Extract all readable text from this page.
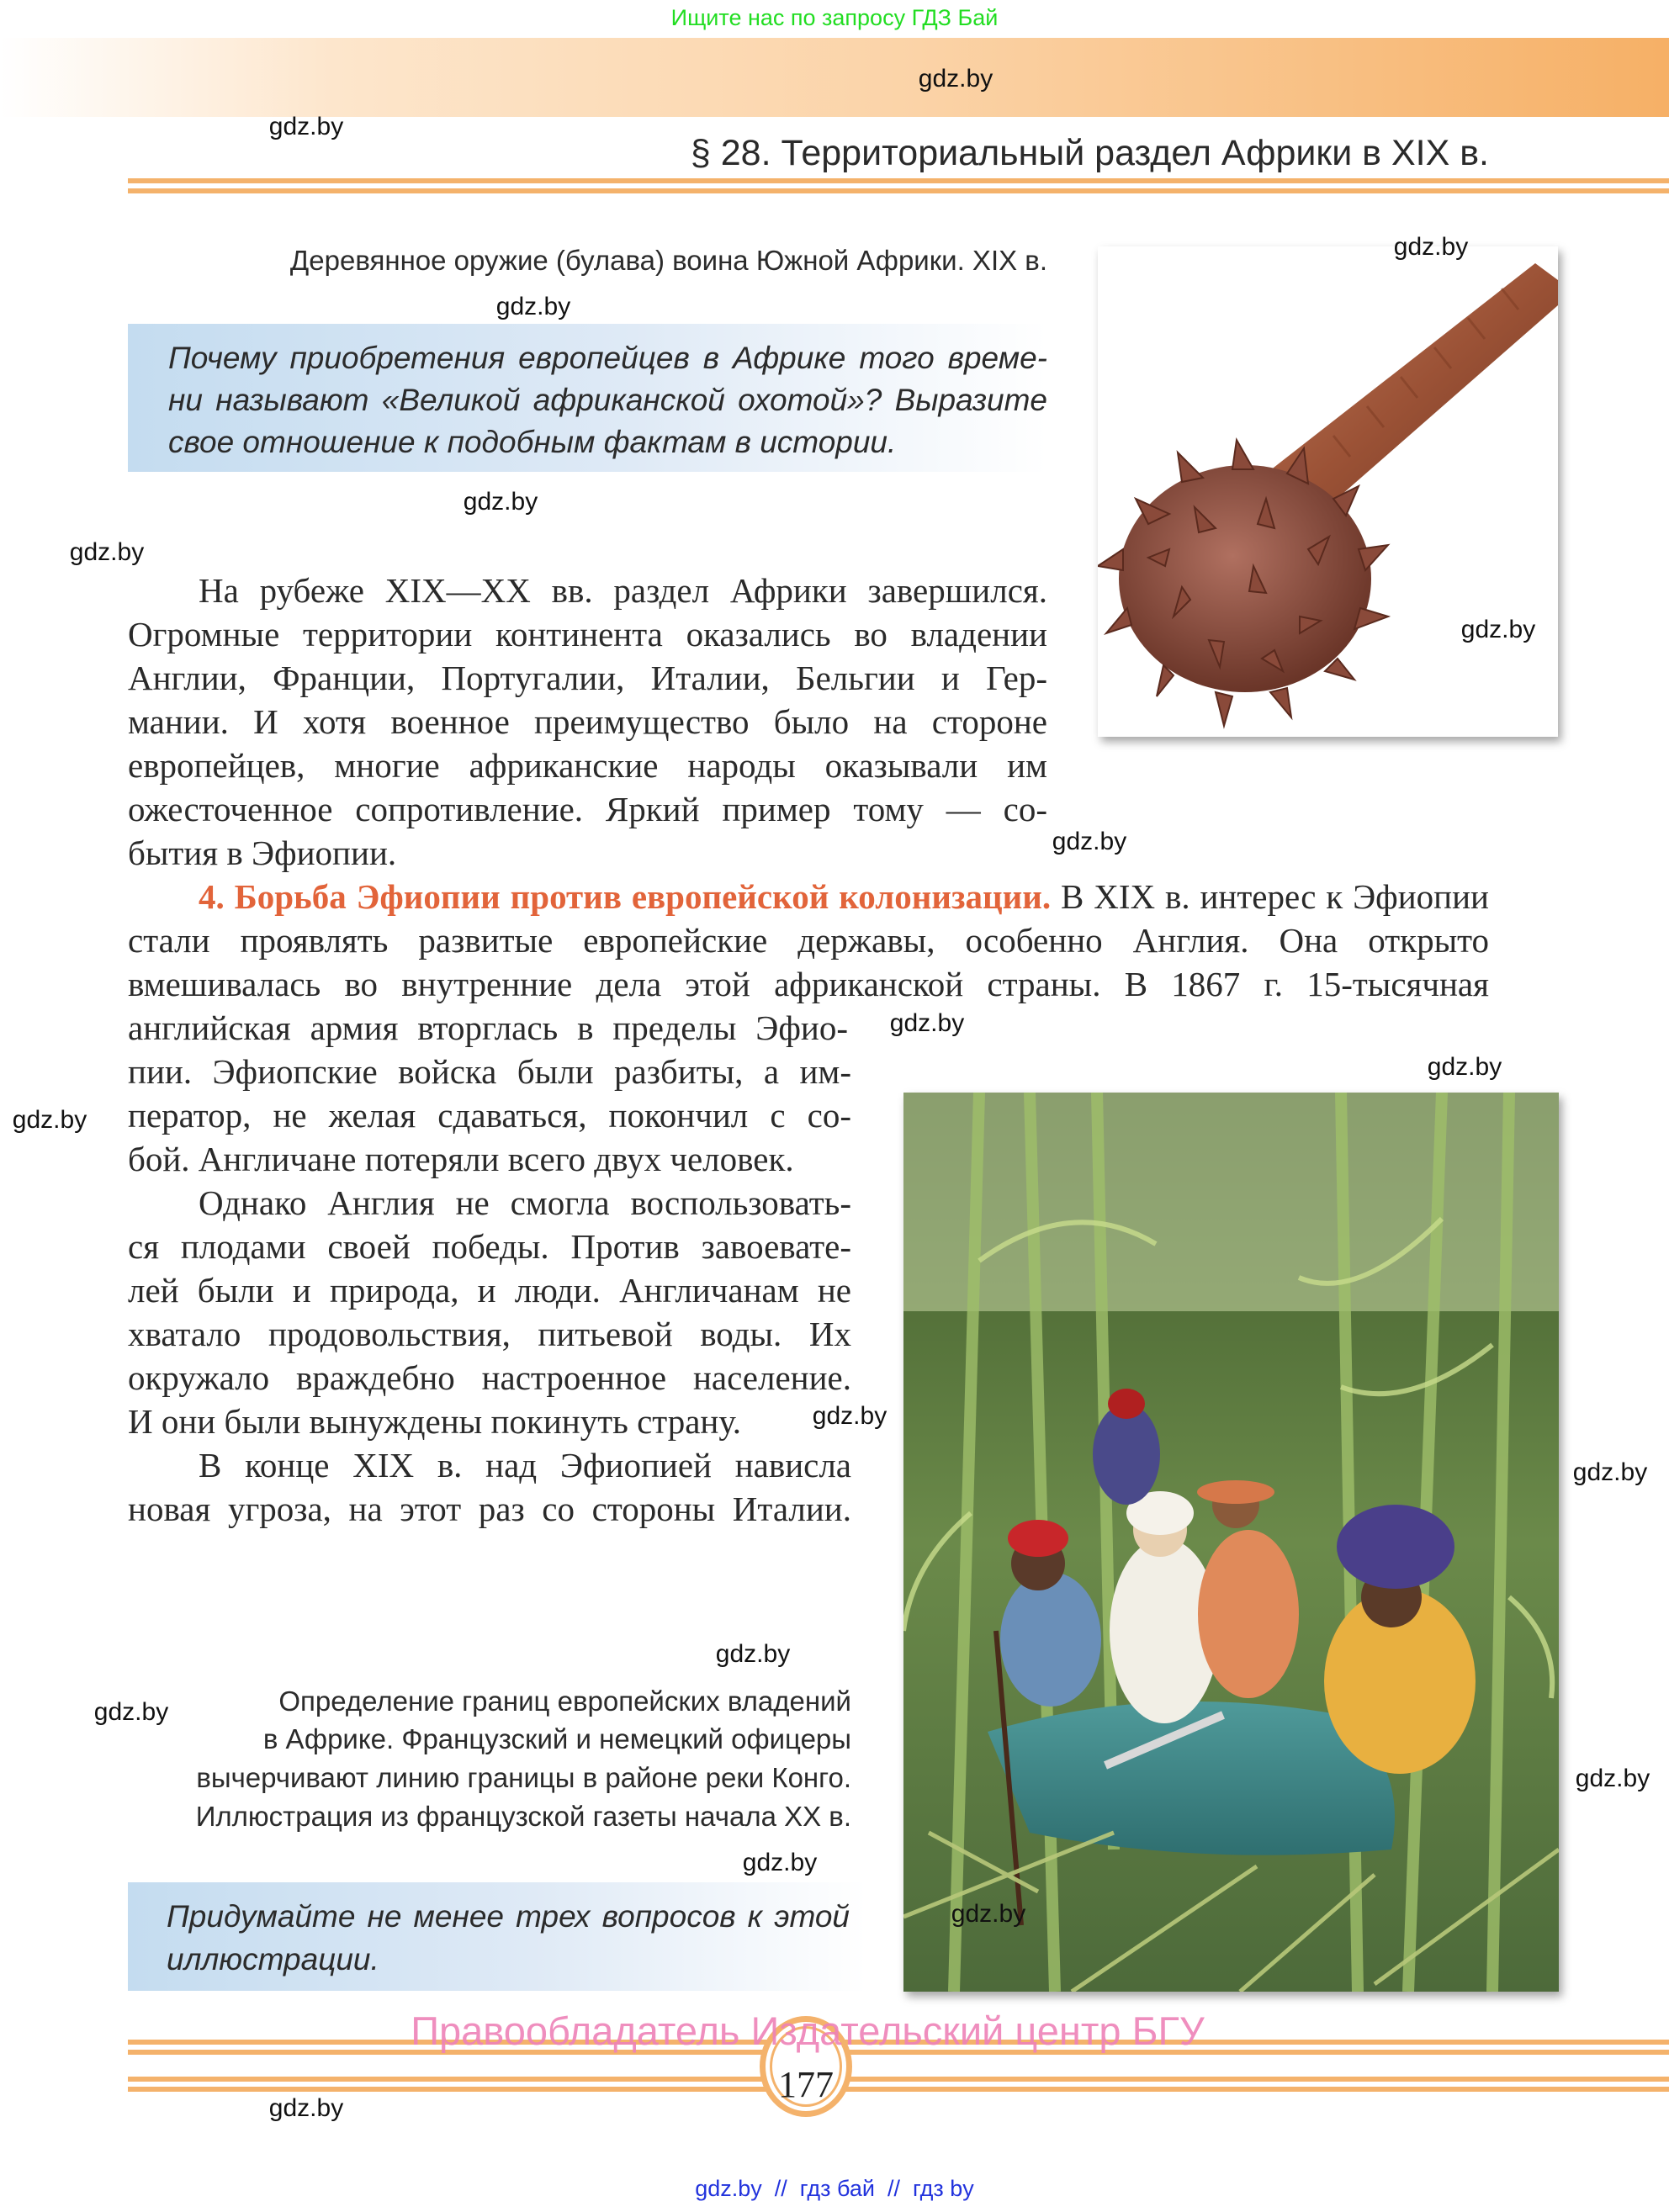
Ищите нас по запросу ГДЗ Бай
gdz.by
gdz.by
gdz.by
gdz.by
gdz.by
gdz.by
gdz.by
gdz.by
gdz.by
gdz.by
gdz.by
gdz.by
gdz.by
gdz.by
gdz.by
gdz.by
gdz.by
gdz.by
gdz.by
§ 28. Территориальный раздел Африки в XIX в.
Деревянное оружие (булава) воина Южной Африки. XIX в.
Почему приобретения европейцев в Африке того време-
ни называют «Великой африканской охотой»? Выразите
свое отношение к подобным фактам в истории.
На рубеже XIX—XX вв. раздел Африки завершился.
Огромные территории континента оказались во владении
Англии, Франции, Португалии, Италии, Бельгии и Гер-
мании. И хотя военное преимущество было на стороне
европейцев, многие африканские народы оказывали им
ожесточенное сопротивление. Яркий пример тому — со-
бытия в Эфиопии.
4. Борьба Эфиопии против европейской колонизации. В XIX в. интерес к Эфиопии
стали проявлять развитые европейские державы, особенно Англия. Она открыто
вмешивалась во внутренние дела этой африканской страны. В 1867 г. 15-тысячная
английская армия вторглась в пределы Эфио-
пии. Эфиопские войска были разбиты, а им-
ператор, не желая сдаваться, покончил с со-
бой. Англичане потеряли всего двух человек.
Однако Англия не смогла воспользовать-
ся плодами своей победы. Против завоевате-
лей были и природа, и люди. Англичанам не
хватало продовольствия, питьевой воды. Их
окружало враждебно настроенное население.
И они были вынуждены покинуть страну.
В конце XIX в. над Эфиопией нависла
новая угроза, на этот раз со стороны Италии.
Определение границ европейских владений
в Африке. Французский и немецкий офицеры
вычерчивают линию границы в районе реки Конго.
Иллюстрация из французской газеты начала XX в.
Придумайте не менее трех вопросов к этой
иллюстрации.
177
Правообладатель Издательский центр БГУ
gdz.by  //  гдз бай  //  гдз by
